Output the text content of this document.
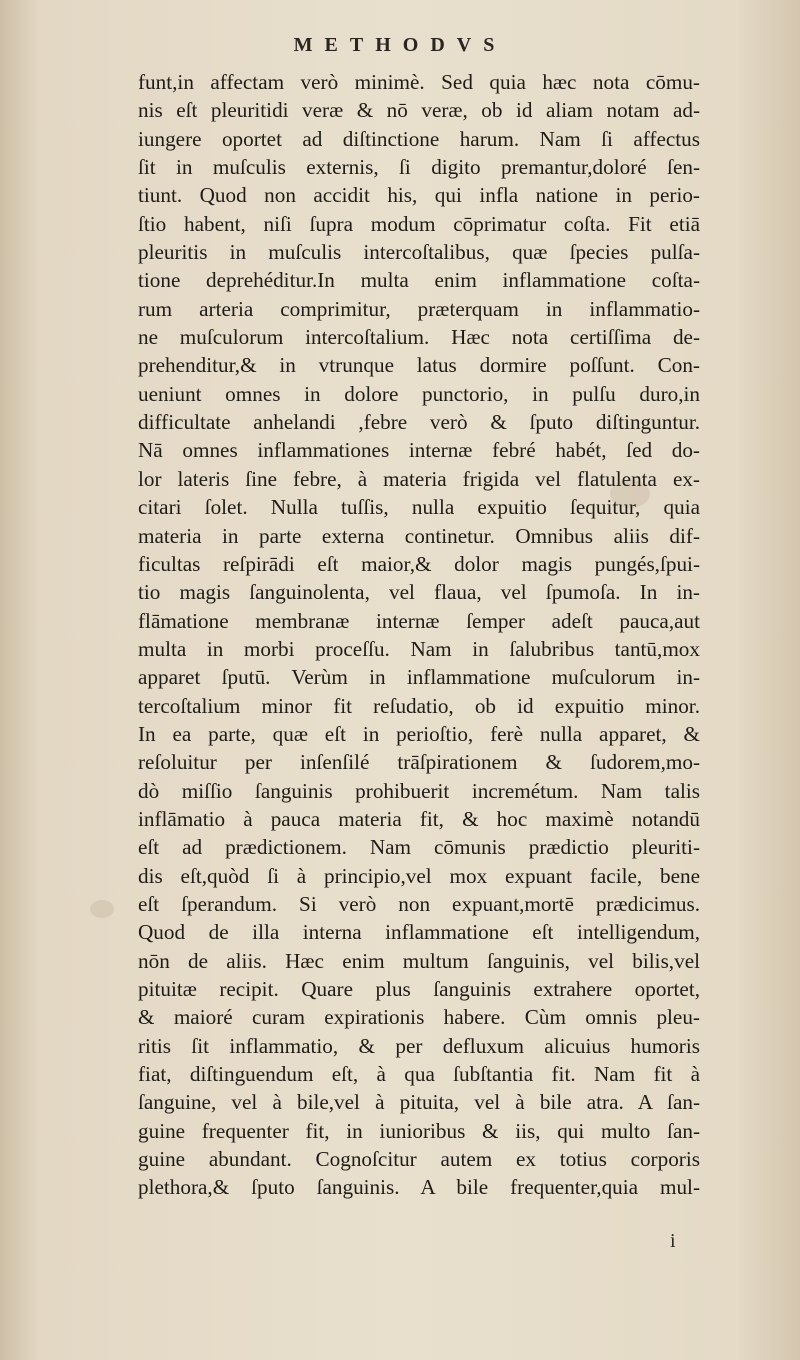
METHODVS
funt,in affectam verò minimè. Sed quia hæc nota cōmu-
nis eſt pleuritidi veræ & nō veræ, ob id aliam notam ad-
iungere oportet ad diſtinctione harum. Nam ſi affectus
ſit in muſculis externis, ſi digito premantur,doloré ſen-
tiunt. Quod non accidit his, qui infla natione in perio-
ſtio habent, niſi ſupra modum cōprimatur coſta. Fit etiā
pleuritis in muſculis intercoſtalibus, quæ ſpecies pulſa-
tione deprehéditur.In multa enim inflammatione coſta-
rum arteria comprimitur, præterquam in inflammatio-
ne muſculorum intercoſtalium. Hæc nota certiſſima de-
prehenditur,& in vtrunque latus dormire poſſunt. Con-
ueniunt omnes in dolore punctorio, in pulſu duro,in
difficultate anhelandi ,febre verò & ſputo diſtinguntur.
Nā omnes inflammationes internæ febré habét, ſed do-
lor lateris ſine febre, à materia frigida vel flatulenta ex-
citari ſolet. Nulla tuſſis, nulla expuitio ſequitur, quia
materia in parte externa continetur. Omnibus aliis dif-
ficultas reſpirādi eſt maior,& dolor magis pungés,ſpui-
tio magis ſanguinolenta, vel flaua, vel ſpumoſa. In in-
flāmatione membranæ internæ ſemper adeſt pauca,aut
multa in morbi proceſſu. Nam in ſalubribus tantū,mox
apparet ſputū. Verùm in inflammatione muſculorum in-
tercoſtalium minor fit reſudatio, ob id expuitio minor.
In ea parte, quæ eſt in perioſtio, ferè nulla apparet, &
reſoluitur per inſenſilé trāſpirationem & ſudorem,mo-
dò miſſio ſanguinis prohibuerit incremétum. Nam talis
inflāmatio à pauca materia fit, & hoc maximè notandū
eſt ad prædictionem. Nam cōmunis prædictio pleuriti-
dis eſt,quòd ſi à principio,vel mox expuant facile, bene
eſt ſperandum. Si verò non expuant,mortē prædicimus.
Quod de illa interna inflammatione eſt intelligendum,
nōn de aliis. Hæc enim multum ſanguinis, vel bilis,vel
pituitæ recipit. Quare plus ſanguinis extrahere oportet,
& maioré curam expirationis habere. Cùm omnis pleu-
ritis ſit inflammatio, & per defluxum alicuius humoris
fiat, diſtinguendum eſt, à qua ſubſtantia fit. Nam fit à
ſanguine, vel à bile,vel à pituita, vel à bile atra. A ſan-
guine frequenter fit, in iunioribus & iis, qui multo ſan-
guine abundant. Cognoſcitur autem ex totius corporis
plethora,& ſputo ſanguinis. A bile frequenter,quia mul-
i
